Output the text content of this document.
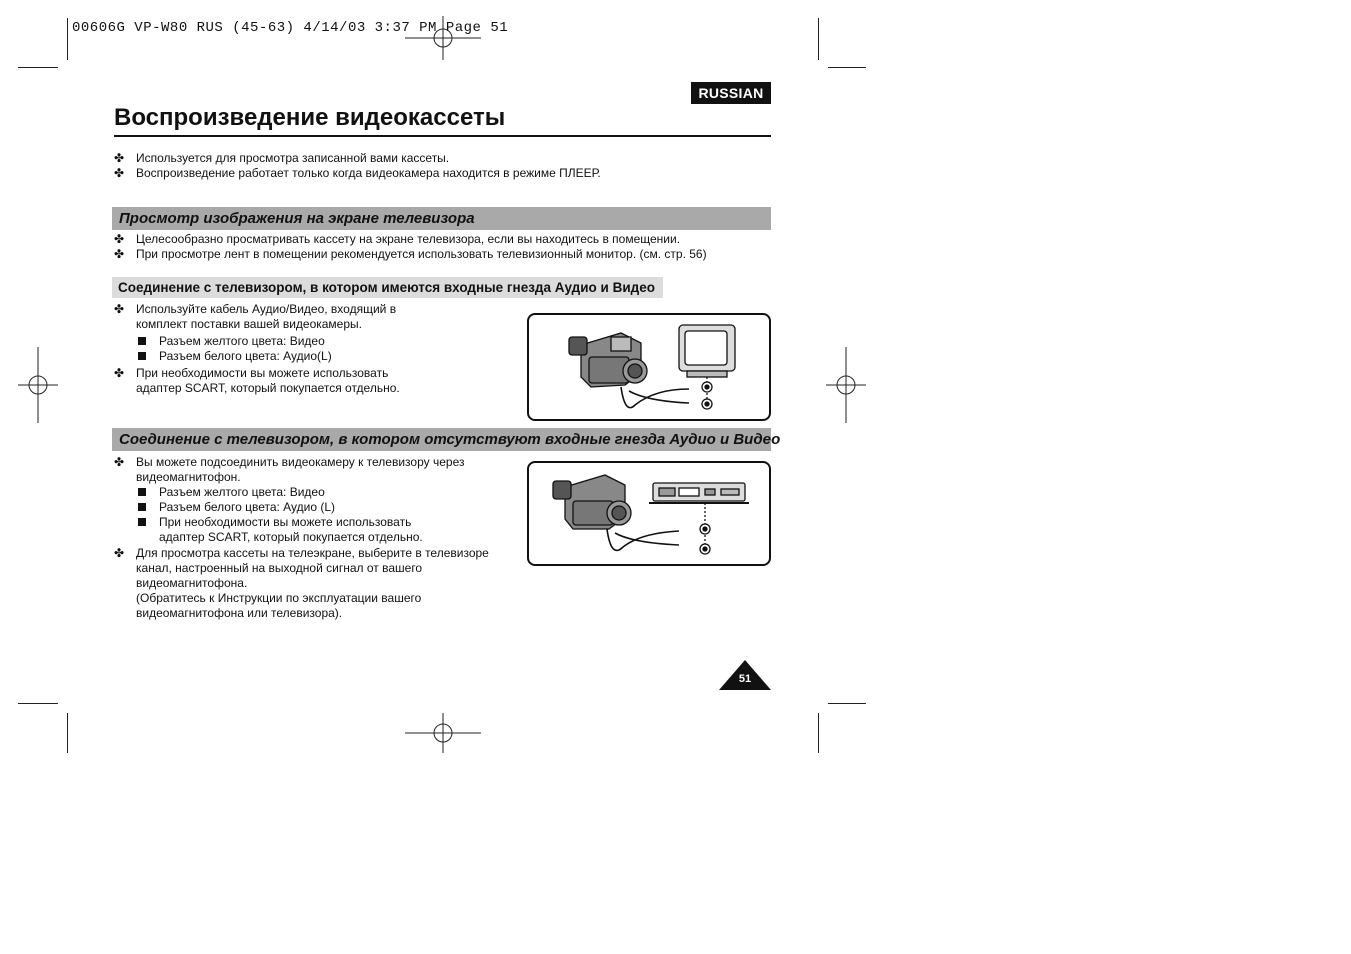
00606G VP-W80 RUS (45-63) 4/14/03 3:37 PM Page 51
RUSSIAN
Воспроизведение видеокассеты
✤ Используется для просмотра записанной вами кассеты.
✤ Воспроизведение работает только когда видеокамера находится в режиме ПЛЕЕР.
Просмотр изображения на экране телевизора
✤ Целесообразно просматривать кассету на экране телевизора, если вы находитесь в помещении.
✤ При просмотре лент в помещении рекомендуется использовать телевизионный монитор. (см. стр. 56)
Соединение с телевизором, в котором имеются входные гнезда Аудио и Видео
✤ Используйте кабель Аудио/Видео, входящий в
комплект поставки вашей видеокамеры.
Разъем желтого цвета: Видео
Разъем белого цвета: Аудио(L)
✤ При необходимости вы можете использовать
адаптер SCART, который покупается отдельно.
Соединение с телевизором, в котором отсутствуют входные гнезда Аудио и Видео
✤ Вы можете подсоединить видеокамеру к телевизору через
видеомагнитофон.
Разъем желтого цвета: Видео
Разъем белого цвета: Аудио (L)
При необходимости вы можете использовать
адаптер SCART, который покупается отдельно.
✤ Для просмотра кассеты на телеэкране, выберите в телевизоре
канал, настроенный на выходной сигнал от вашего
видеомагнитофона.
(Обратитесь к Инструкции по эксплуатации вашего
видеомагнитофона или телевизора).
51
